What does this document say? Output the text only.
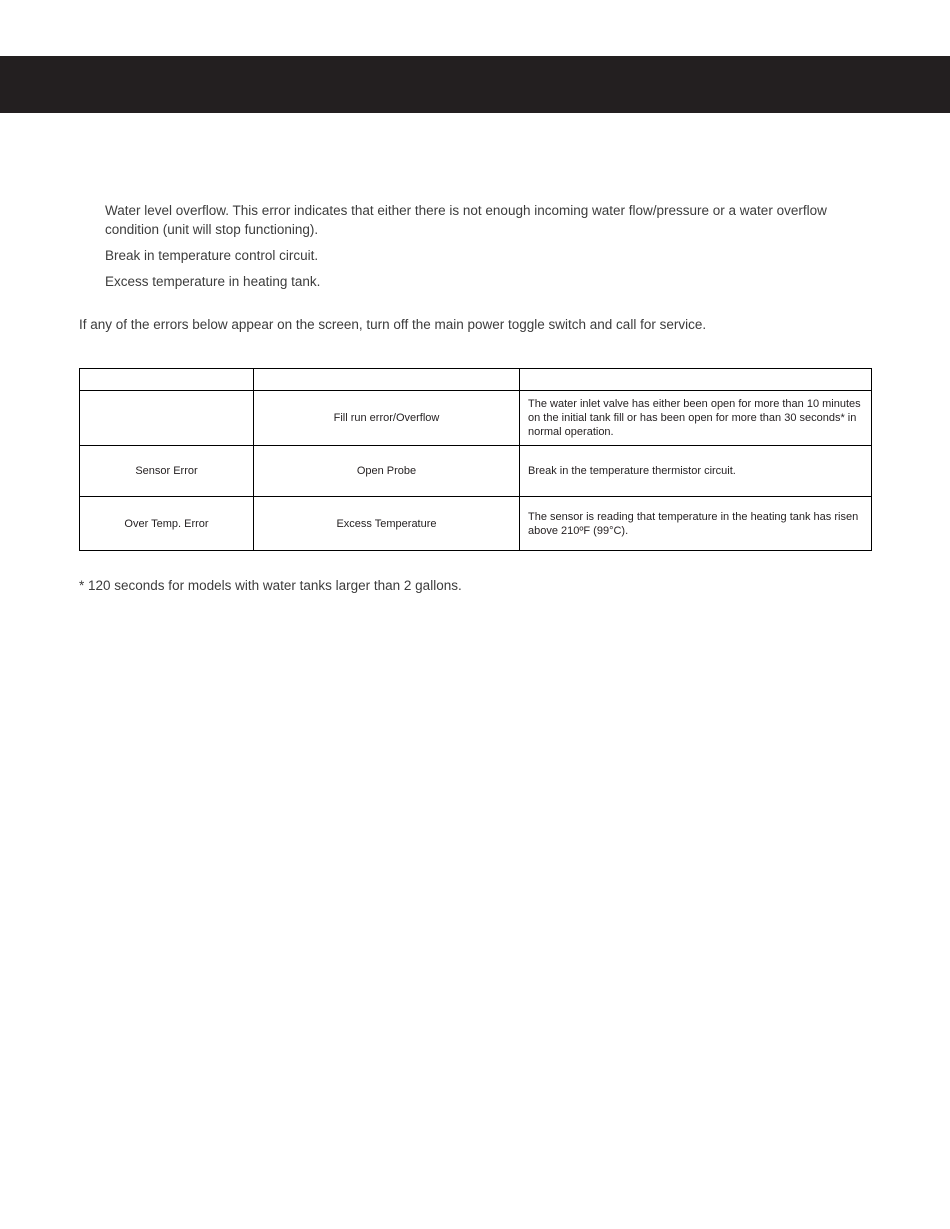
Water level overflow. This error indicates that either there is not enough incoming water flow/pressure or a water overflow condition (unit will stop functioning).
Break in temperature control circuit.
Excess temperature in heating tank.
If any of the errors below appear on the screen, turn off the main power toggle switch and call for service.

	Fill run error/Overflow	The water inlet valve has either been open for more than 10 minutes on the initial tank fill or has been open for more than 30 seconds* in normal operation.
Sensor Error	Open Probe	Break in the temperature thermistor circuit.
Over Temp. Error	Excess Temperature	The sensor is reading that temperature in the heating tank has risen above 210ºF (99°C).
* 120 seconds for models with water tanks larger than 2 gallons.
